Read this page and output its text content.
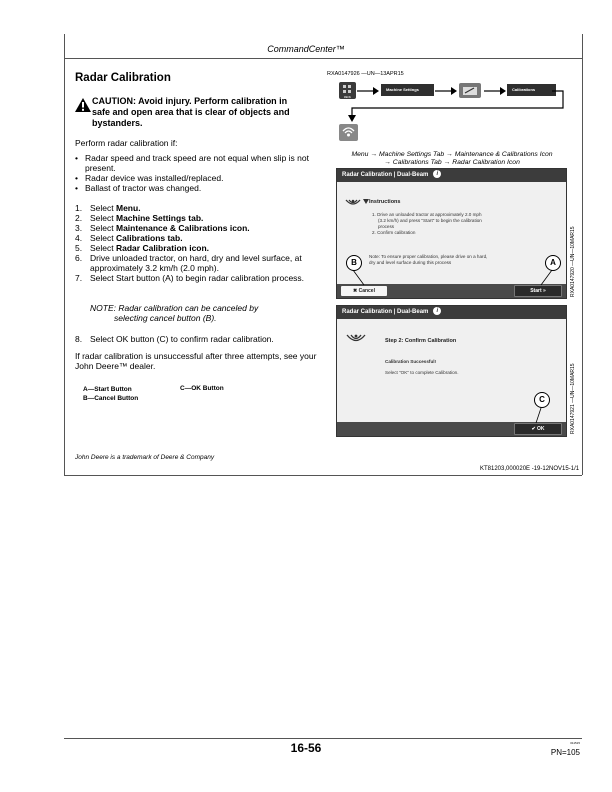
CommandCenter™
Radar Calibration
CAUTION: Avoid injury. Perform calibration in safe and open area that is clear of objects and bystanders.
Perform radar calibration if:
• Radar speed and track speed are not equal when slip is not present.
• Radar device was installed/replaced.
• Ballast of tractor was changed.
1. Select Menu.
2. Select Machine Settings tab.
3. Select Maintenance & Calibrations icon.
4. Select Calibrations tab.
5. Select Radar Calibration icon.
6. Drive unloaded tractor, on hard, dry and level surface, at approximately 3.2 km/h (2.0 mph).
7. Select Start button (A) to begin radar calibration process.
NOTE: Radar calibration can be canceled by
selecting cancel button (B).
8. Select OK button (C) to confirm radar calibration.
If radar calibration is unsuccessful after three attempts, see your John Deere™ dealer.
A—Start Button
B—Cancel Button
C—OK Button
John Deere is a trademark of Deere & Company
KT81203,000020E -19-12NOV15-1/1
RXA0147926 —UN—13APR15
MENU
Machine Settings	Calibrations
Menu → Machine Settings Tab → Maintenance & Calibrations Icon
→ Calibrations Tab → Radar Calibration Icon
Radar Calibration | Dual-Beam i
Instructions
1. Drive an unloaded tractor at approximately 2.0 mph
(3.2 km/h) and press "Start" to begin the calibration
process
2. Confirm calibration
Note: To ensure proper calibration, please drive on a hard,
dry and level surface during this process
✖ Cancel	Start »
B	A	RXA0147920 —UN—10MAR15
Radar Calibration | Dual-Beam i
Step 2: Confirm Calibration
Calibration Successful!
Select "OK" to complete Calibration.
✔ OK
C	RXA0147921 —UN—10MAR15
16-56	011515
PN=105
